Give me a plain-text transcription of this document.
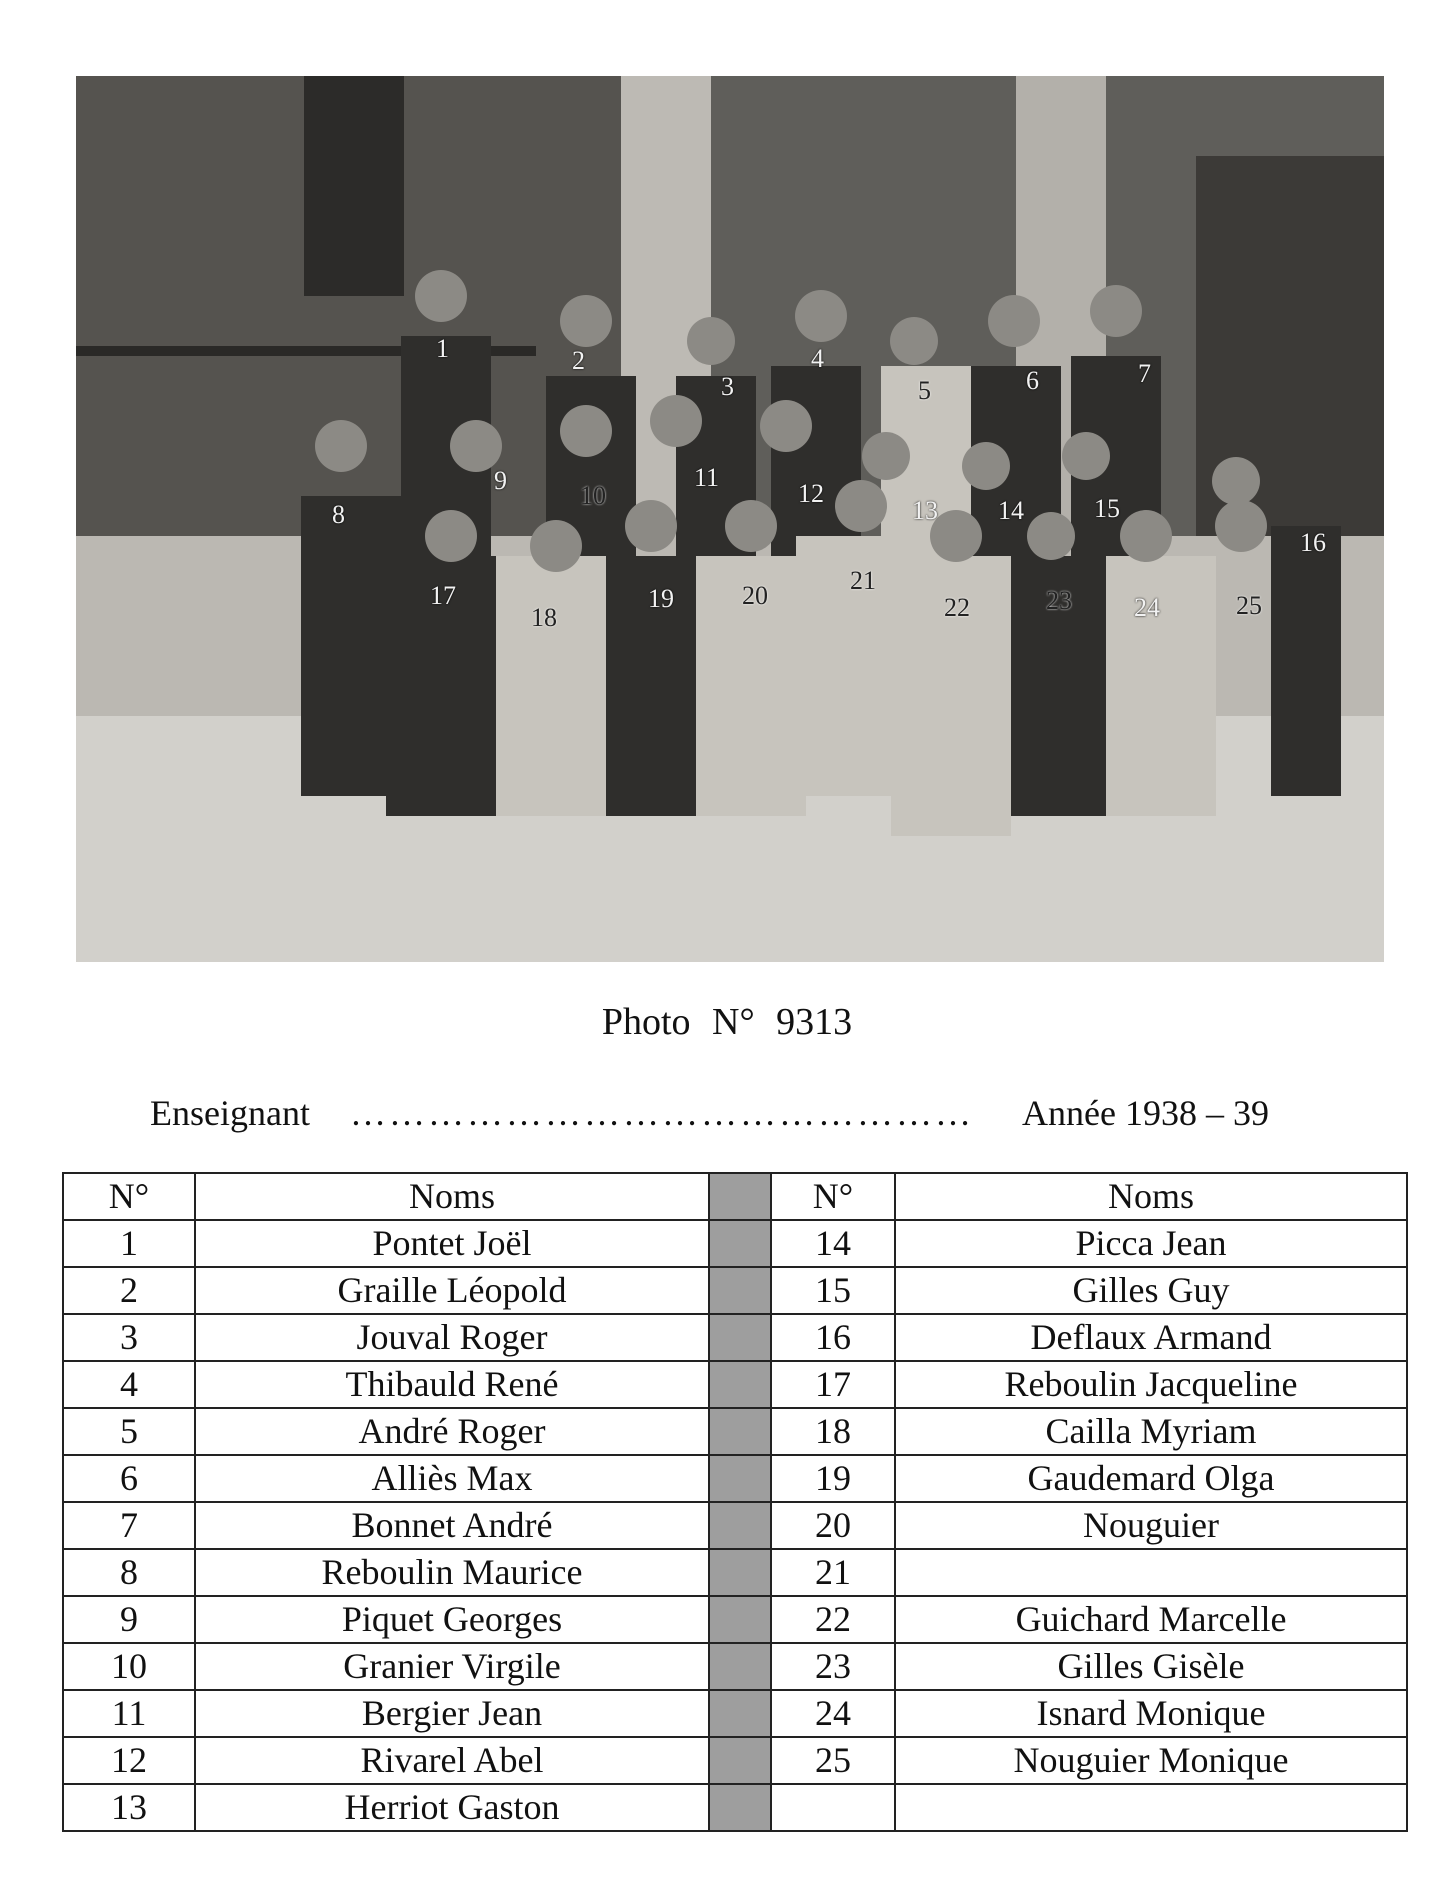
1	2
3
4
5	6	7
8
9
10
11
12
13 14	15
16
17
18
19	20
21
22	23 24	25
Photo N° 9313
Enseignant ………………………………………… Année 1938 – 39
N°	Noms		N°	Noms
1	Pontet Joël		14	Picca Jean
2	Graille Léopold		15	Gilles Guy
3	Jouval Roger		16	Deflaux Armand
4	Thibauld René		17	Reboulin Jacqueline
5	André Roger		18	Cailla Myriam
6	Alliès Max		19	Gaudemard Olga
7	Bonnet André		20	Nouguier
8	Reboulin Maurice		21	
9	Piquet Georges		22	Guichard Marcelle
10	Granier Virgile		23	Gilles Gisèle
11	Bergier Jean		24	Isnard Monique
12	Rivarel Abel		25	Nouguier Monique
13	Herriot Gaston			
